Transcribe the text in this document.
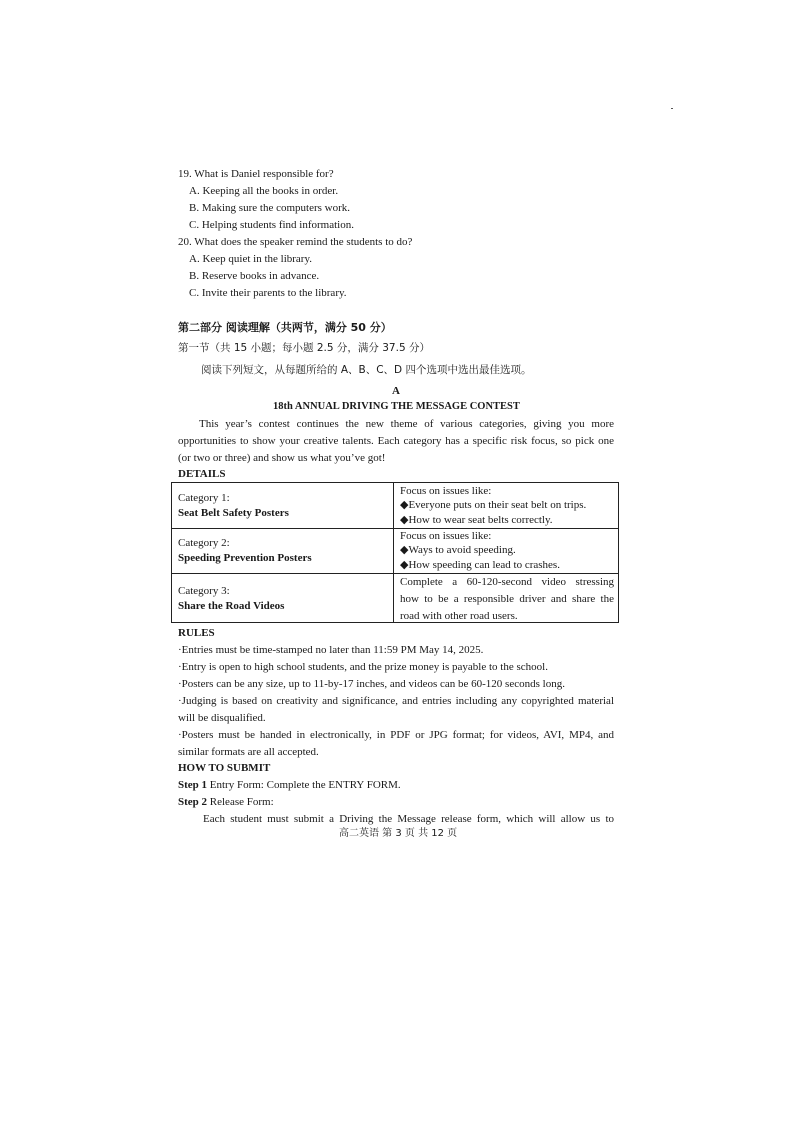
19. What is Daniel responsible for?
A. Keeping all the books in order.
B. Making sure the computers work.
C. Helping students find information.
20. What does the speaker remind the students to do?
A. Keep quiet in the library.
B. Reserve books in advance.
C. Invite their parents to the library.
第二部分 阅读理解（共两节，满分 50 分）
第一节（共 15 小题；每小题 2.5 分，满分 37.5 分）
阅读下列短文，从每题所给的 A、B、C、D 四个选项中选出最佳选项。
A
18th ANNUAL DRIVING THE MESSAGE CONTEST
This year’s contest continues the new theme of various categories, giving you more
opportunities to show your creative talents. Each category has a specific risk focus, so pick one
(or two or three) and show us what you’ve got!
DETAILS
Category 1:
Seat Belt Safety Posters
Focus on issues like:
◆Everyone puts on their seat belt on trips.
◆How to wear seat belts correctly.
Category 2:
Speeding Prevention Posters
Focus on issues like:
◆Ways to avoid speeding.
◆How speeding can lead to crashes.
Category 3:
Share the Road Videos
Complete a 60-120-second video stressing
how to be a responsible driver and share the
road with other road users.
RULES
·Entries must be time-stamped no later than 11:59 PM May 14, 2025.
·Entry is open to high school students, and the prize money is payable to the school.
·Posters can be any size, up to 11-by-17 inches, and videos can be 60-120 seconds long.
·Judging is based on creativity and significance, and entries including any copyrighted material
will be disqualified.
·Posters must be handed in electronically, in PDF or JPG format; for videos, AVI, MP4, and
similar formats are all accepted.
HOW TO SUBMIT
Step 1 Entry Form: Complete the ENTRY FORM.
Step 2 Release Form:
Each student must submit a Driving the Message release form, which will allow us to
高二英语 第 3 页 共 12 页
